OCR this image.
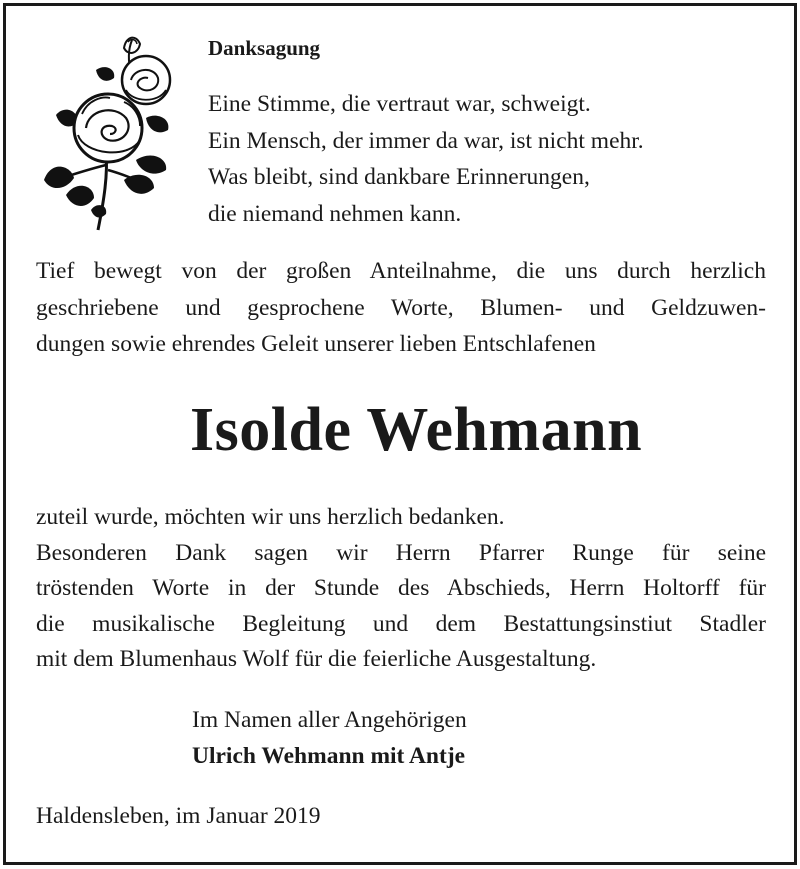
Danksagung
Eine Stimme, die vertraut war, schweigt.
Ein Mensch, der immer da war, ist nicht mehr.
Was bleibt, sind dankbare Erinnerungen,
die niemand nehmen kann.
Tief bewegt von der großen Anteilnahme, die uns durch herzlich
geschriebene und gesprochene Worte, Blumen- und Geldzuwen-
dungen sowie ehrendes Geleit unserer lieben Entschlafenen
Isolde Wehmann
zuteil wurde, möchten wir uns herzlich bedanken.
Besonderen Dank sagen wir Herrn Pfarrer Runge für seine
tröstenden Worte in der Stunde des Abschieds, Herrn Holtorff für
die musikalische Begleitung und dem Bestattungsinstiut Stadler
mit dem Blumenhaus Wolf für die feierliche Ausgestaltung.
Im Namen aller Angehörigen
Ulrich Wehmann mit Antje
Haldensleben, im Januar 2019
